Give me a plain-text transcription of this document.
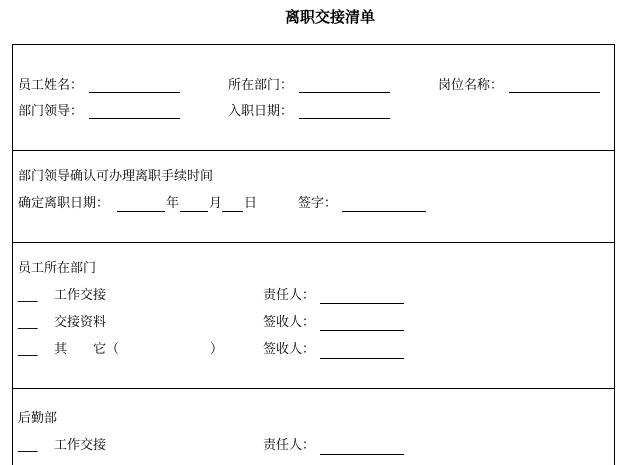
离职交接清单
员工姓名：	所在部门：	岗位名称：
部门领导：	入职日期：
部门领导确认可办理离职手续时间
确定离职日期：	年 月 日	签字：
员工所在部门
___ 工作交接	责任人：
___ 交接资料	签收人：
___ 其　　它（　　　　　　　）	签收人：
后勤部
___ 工作交接	责任人：
